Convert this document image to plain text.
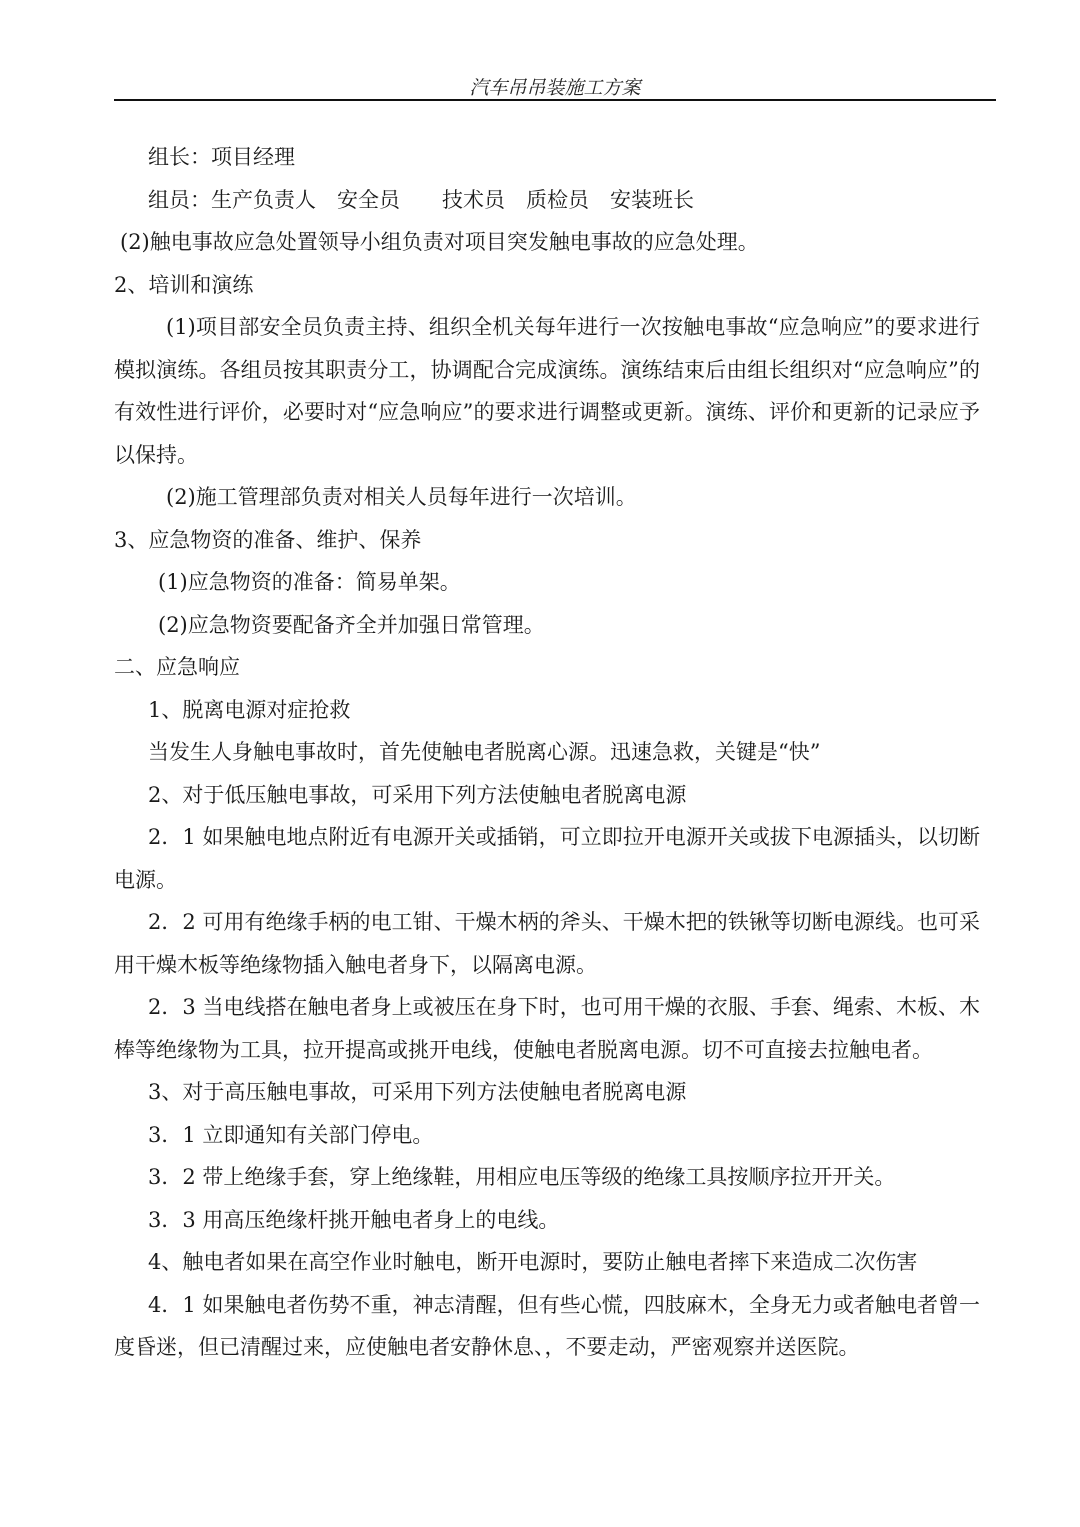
汽车吊吊装施工方案

组长：项目经理

组员：生产负责人　安全员　　技术员　质检员　安装班长

(2)触电事故应急处置领导小组负责对项目突发触电事故的应急处理。

2、培训和演练

(1)项目部安全员负责主持、组织全机关每年进行一次按触电事故“应急响应”的要求进行模拟演练。各组员按其职责分工，协调配合完成演练。演练结束后由组长组织对“应急响应”的有效性进行评价，必要时对“应急响应”的要求进行调整或更新。演练、评价和更新的记录应予以保持。

(2)施工管理部负责对相关人员每年进行一次培训。

3、应急物资的准备、维护、保养

(1)应急物资的准备：简易单架。

(2)应急物资要配备齐全并加强日常管理。

二、应急响应

1、脱离电源对症抢救

当发生人身触电事故时，首先使触电者脱离心源。迅速急救，关键是“快”

2、对于低压触电事故，可采用下列方法使触电者脱离电源

2．1 如果触电地点附近有电源开关或插销，可立即拉开电源开关或拔下电源插头，以切断电源。

2．2 可用有绝缘手柄的电工钳、干燥木柄的斧头、干燥木把的铁锹等切断电源线。也可采用干燥木板等绝缘物插入触电者身下，以隔离电源。

2．3 当电线搭在触电者身上或被压在身下时，也可用干燥的衣服、手套、绳索、木板、木棒等绝缘物为工具，拉开提高或挑开电线，使触电者脱离电源。切不可直接去拉触电者。

3、对于高压触电事故，可采用下列方法使触电者脱离电源

3．1 立即通知有关部门停电。

3．2 带上绝缘手套，穿上绝缘鞋，用相应电压等级的绝缘工具按顺序拉开开关。

3．3 用高压绝缘杆挑开触电者身上的电线。

4、触电者如果在高空作业时触电，断开电源时，要防止触电者摔下来造成二次伤害

4．1 如果触电者伤势不重，神志清醒，但有些心慌，四肢麻木，全身无力或者触电者曾一度昏迷，但已清醒过来，应使触电者安静休息、，不要走动，严密观察并送医院。
